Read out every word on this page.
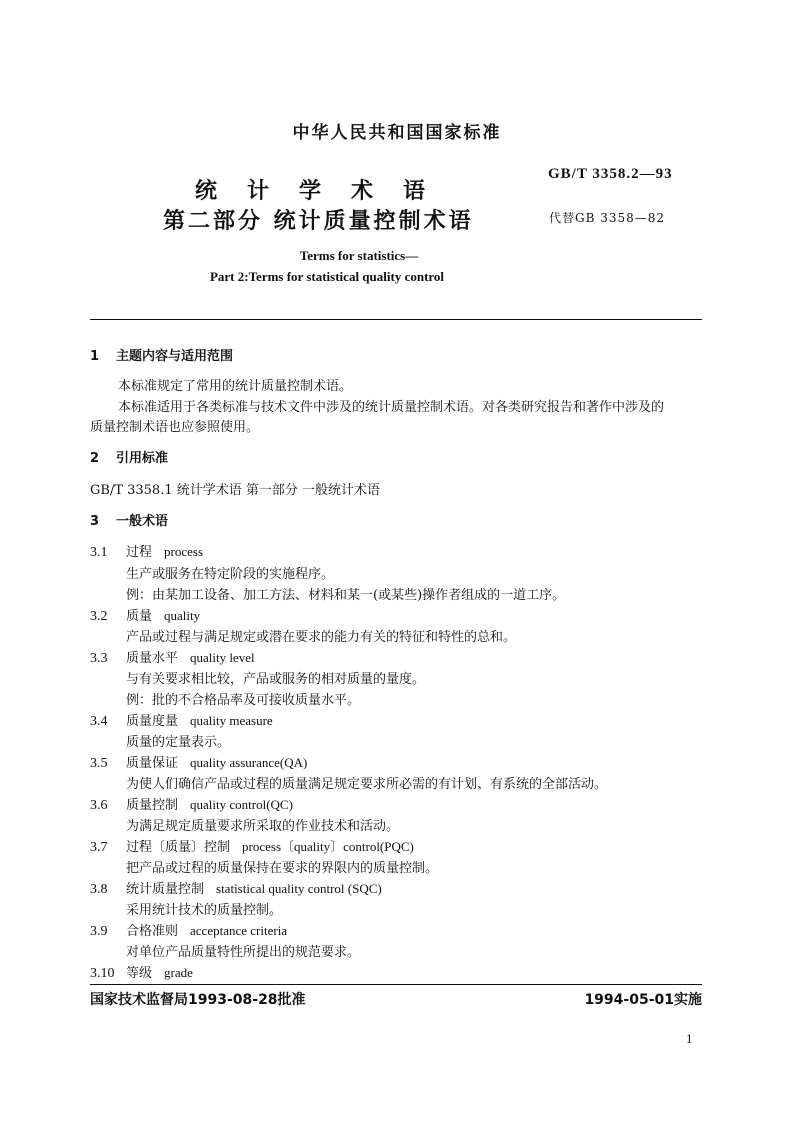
中华人民共和国国家标准
统计学术语
第二部分 统计质量控制术语
GB/T 3358.2—93
代替GB 3358—82
Terms for statistics—
Part 2:Terms for statistical quality control
1 主题内容与适用范围
本标准规定了常用的统计质量控制术语。
本标准适用于各类标准与技术文件中涉及的统计质量控制术语。对各类研究报告和著作中涉及的
质量控制术语也应参照使用。
2 引用标准
GB/T 3358.1 统计学术语 第一部分 一般统计术语
3 一般术语
3.1 过程 process
生产或服务在特定阶段的实施程序。
例：由某加工设备、加工方法、材料和某一(或某些)操作者组成的一道工序。
3.2 质量 quality
产品或过程与满足规定或潜在要求的能力有关的特征和特性的总和。
3.3 质量水平 quality level
与有关要求相比较，产品或服务的相对质量的量度。
例：批的不合格品率及可接收质量水平。
3.4 质量度量 quality measure
质量的定量表示。
3.5 质量保证 quality assurance(QA)
为使人们确信产品或过程的质量满足规定要求所必需的有计划、有系统的全部活动。
3.6 质量控制 quality control(QC)
为满足规定质量要求所采取的作业技术和活动。
3.7 过程〔质量〕控制 process〔quality〕control(PQC)
把产品或过程的质量保持在要求的界限内的质量控制。
3.8 统计质量控制 statistical quality control (SQC)
采用统计技术的质量控制。
3.9 合格准则 acceptance criteria
对单位产品质量特性所提出的规范要求。
3.10 等级 grade
国家技术监督局1993-08-28批准	1994-05-01实施
1
